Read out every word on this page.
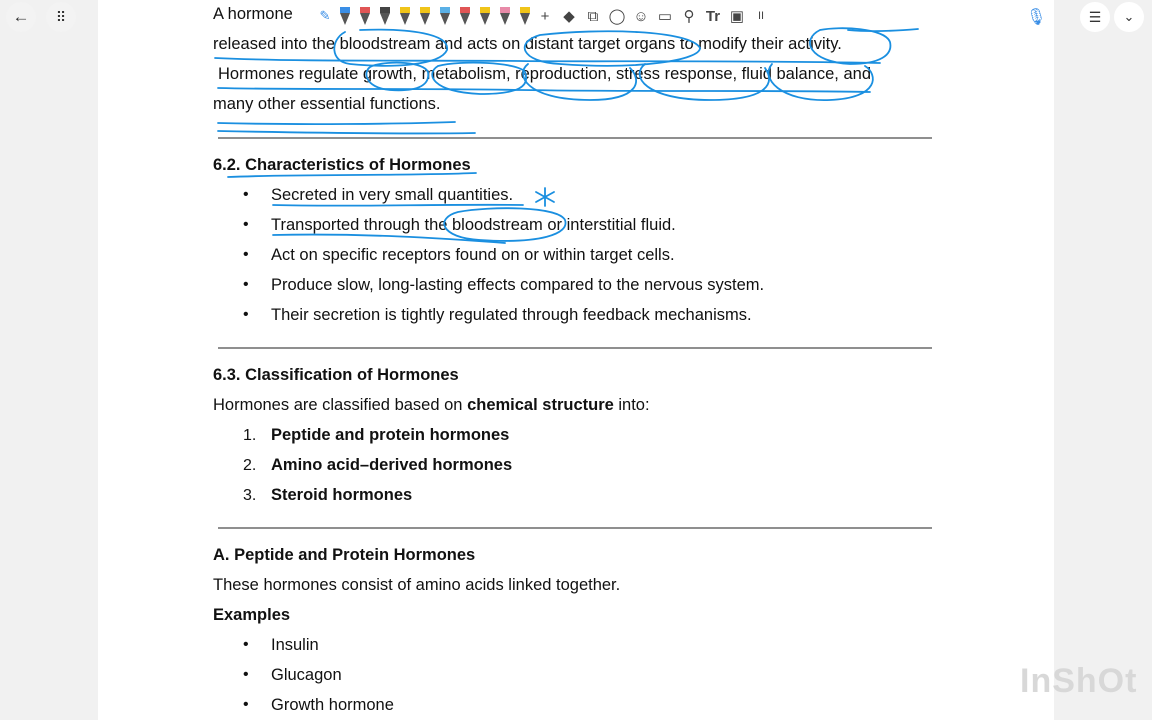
← ⠿	A hormone
released into the bloodstream and acts on distant target organs to modify their activity.
Hormones regulate growth, metabolism, reproduction, stress response, fluid balance, and
many other essential functions.
6.2. Characteristics of Hormones
• Secreted in very small quantities.
• Transported through the bloodstream or interstitial fluid.
• Act on specific receptors found on or within target cells.
• Produce slow, long-lasting effects compared to the nervous system.
• Their secretion is tightly regulated through feedback mechanisms.
6.3. Classification of Hormones
Hormones are classified based on chemical structure into:
1. Peptide and protein hormones
2. Amino acid–derived hormones
3. Steroid hormones
A. Peptide and Protein Hormones
These hormones consist of amino acids linked together.
Examples
• Insulin
• Glucagon
• Growth hormone
✎	+ ◆ ⧉ ◯ ☺ ▭ ⚲ Tr ▣ II	🎙	☰ ⌄
InShOt
